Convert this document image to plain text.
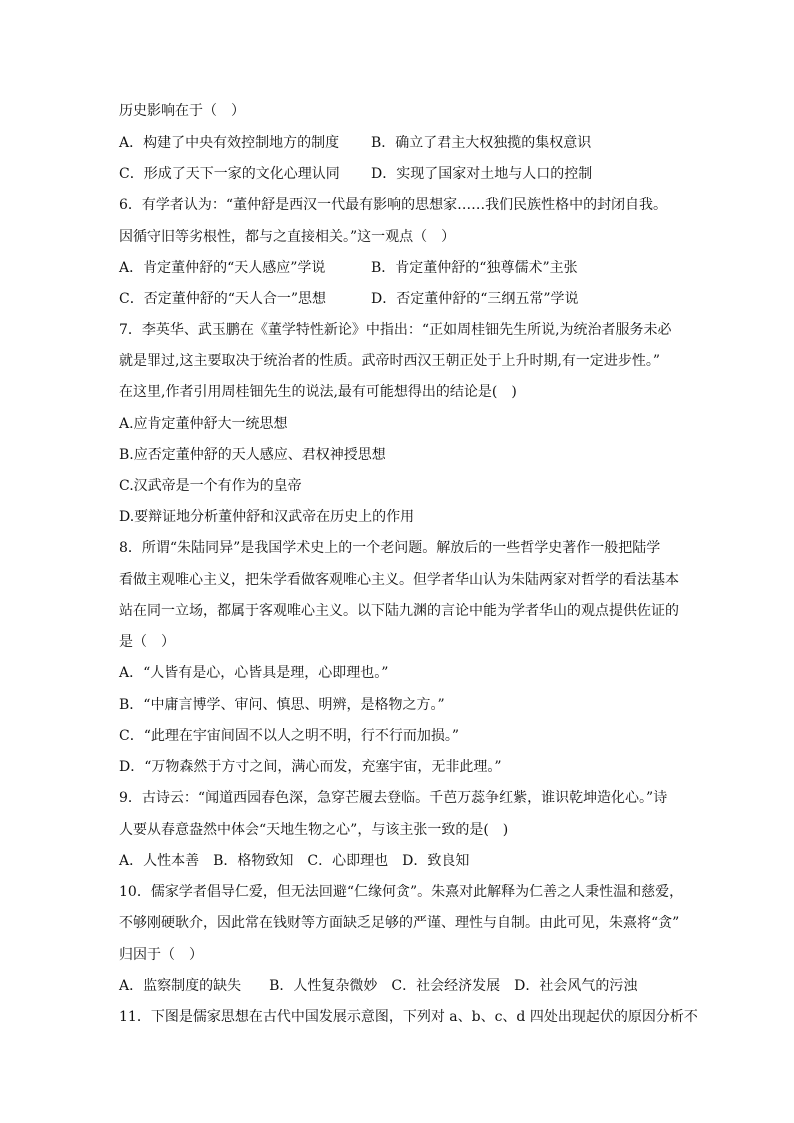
历史影响在于（　）
A．构建了中央有效控制地方的制度 B．确立了君主大权独揽的集权意识
C．形成了天下一家的文化心理认同 D．实现了国家对土地与人口的控制
6．有学者认为：“董仲舒是西汉一代最有影响的思想家……我们民族性格中的封闭自我。
因循守旧等劣根性，都与之直接相关。”这一观点（　）
A．肯定董仲舒的“天人感应”学说	B．肯定董仲舒的“独尊儒术”主张
C．否定董仲舒的“天人合一”思想	D．否定董仲舒的“三纲五常”学说
7．李英华、武玉鹏在《董学特性新论》中指出：“正如周桂钿先生所说,为统治者服务未必
就是罪过,这主要取决于统治者的性质。武帝时西汉王朝正处于上升时期,有一定进步性。”
在这里,作者引用周桂钿先生的说法,最有可能想得出的结论是(　)
A.应肯定董仲舒大一统思想
B.应否定董仲舒的天人感应、君权神授思想
C.汉武帝是一个有作为的皇帝
D.要辩证地分析董仲舒和汉武帝在历史上的作用
8．所谓“朱陆同异”是我国学术史上的一个老问题。解放后的一些哲学史著作一般把陆学
看做主观唯心主义，把朱学看做客观唯心主义。但学者华山认为朱陆两家对哲学的看法基本
站在同一立场，都属于客观唯心主义。以下陆九渊的言论中能为学者华山的观点提供佐证的
是（　）
A．“人皆有是心，心皆具是理，心即理也。”
B．“中庸言博学、审问、慎思、明辨，是格物之方。”
C．“此理在宇宙间固不以人之明不明，行不行而加损。”
D．“万物森然于方寸之间，满心而发，充塞宇宙，无非此理。”
9．古诗云：“闻道西园春色深，急穿芒履去登临。千芭万蕊争红紫，谁识乾坤造化心。”诗
人要从春意盎然中体会“天地生物之心”，与该主张一致的是(　)
A．人性本善　B．格物致知　C．心即理也　D．致良知
10．儒家学者倡导仁爱，但无法回避“仁缘何贪”。朱熹对此解释为仁善之人秉性温和慈爱，
不够刚硬耿介，因此常在钱财等方面缺乏足够的严谨、理性与自制。由此可见，朱熹将“贪”
归因于（　）
A．监察制度的缺失　　B．人性复杂微妙　C．社会经济发展　D．社会风气的污浊
11．下图是儒家思想在古代中国发展示意图，下列对 a、b、c、d 四处出现起伏的原因分析不
